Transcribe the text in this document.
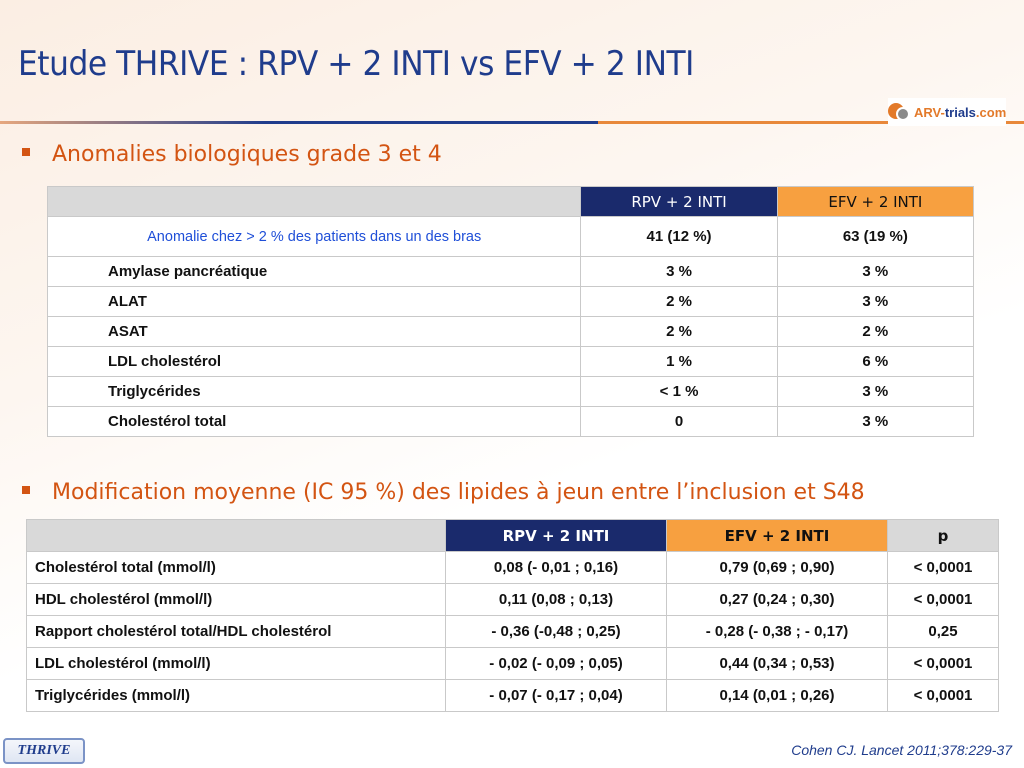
Etude THRIVE : RPV + 2 INTI vs EFV + 2 INTI
ARV-trials.com
Anomalies biologiques grade 3 et 4
	RPV + 2 INTI	EFV + 2 INTI
Anomalie chez > 2 % des patients dans un des bras	41 (12 %)	63 (19 %)
Amylase pancréatique	3 %	3 %
ALAT	2 %	3 %
ASAT	2 %	2 %
LDL cholestérol	1 %	6 %
Triglycérides	< 1 %	3 %
Cholestérol total	0	3 %
Modification moyenne (IC 95 %) des lipides à jeun entre l’inclusion et S48
	RPV + 2 INTI	EFV + 2 INTI	p
Cholestérol total (mmol/l)	0,08 (- 0,01 ; 0,16)	0,79 (0,69 ; 0,90)	< 0,0001
HDL cholestérol (mmol/l)	0,11 (0,08 ; 0,13)	0,27 (0,24 ; 0,30)	< 0,0001
Rapport cholestérol total/HDL cholestérol	- 0,36 (-0,48 ; 0,25)	- 0,28 (- 0,38 ; - 0,17)	0,25
LDL cholestérol (mmol/l)	- 0,02 (- 0,09 ; 0,05)	0,44 (0,34 ; 0,53)	< 0,0001
Triglycérides (mmol/l)	- 0,07 (- 0,17 ; 0,04)	0,14 (0,01 ; 0,26)	< 0,0001
THRIVE	Cohen CJ. Lancet 2011;378:229-37
